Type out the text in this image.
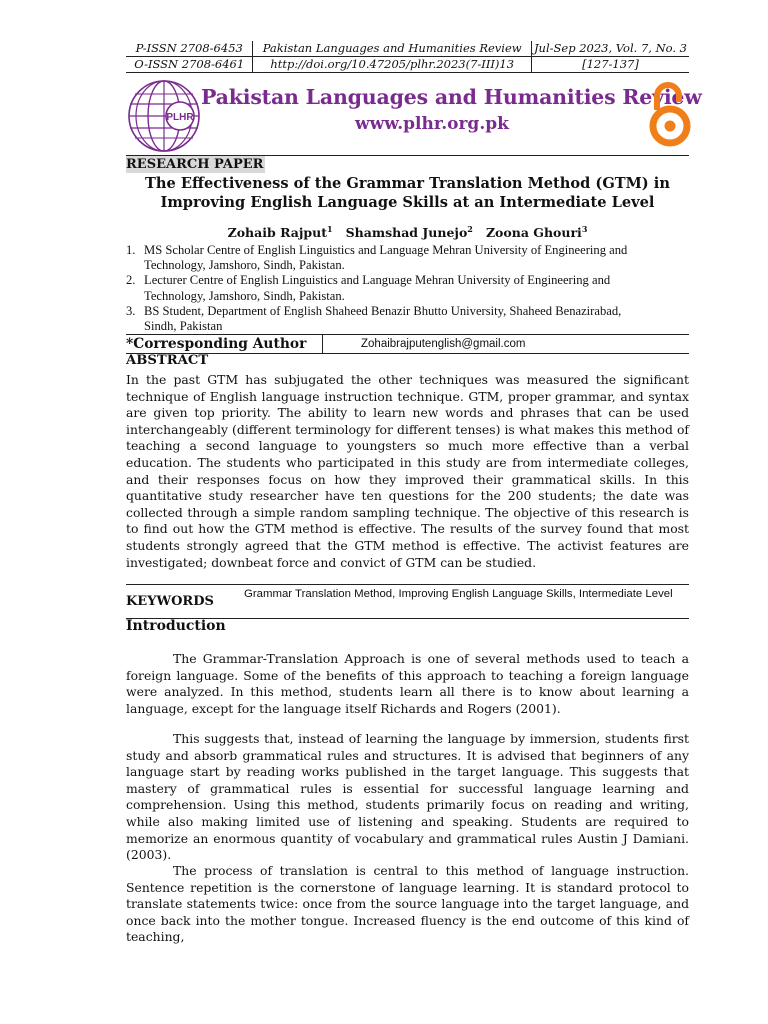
P-ISSN 2708-6453	Pakistan Languages and Humanities Review	Jul-Sep 2023, Vol. 7, No. 3
O-ISSN 2708-6461	http://doi.org/10.47205/plhr.2023(7-III)13	[127-137]
PLHR
Pakistan Languages and Humanities Review
www.plhr.org.pk
RESEARCH PAPER
The Effectiveness of the Grammar Translation Method (GTM) in
Improving English Language Skills at an Intermediate Level
Zohaib Rajput$^1$ Shamshad Junejo$^2$ Zoona Ghouri$^3$
1. MS Scholar Centre of English Linguistics and Language Mehran University of Engineering and
Technology, Jamshoro, Sindh, Pakistan.
2. Lecturer Centre of English Linguistics and Language Mehran University of Engineering and
Technology, Jamshoro, Sindh, Pakistan.
3. BS Student, Department of English Shaheed Benazir Bhutto University, Shaheed Benazirabad,
Sindh, Pakistan
*Corresponding Author	Zohaibrajputenglish@gmail.com
ABSTRACT

In the past GTM has subjugated the other techniques was measured the significant technique of English language instruction technique. GTM, proper grammar, and syntax are given top priority. The ability to learn new words and phrases that can be used interchangeably (different terminology for different tenses) is what makes this method of teaching a second language to youngsters so much more effective than a verbal education. The students who participated in this study are from intermediate colleges, and their responses focus on how they improved their grammatical skills. In this quantitative study researcher have ten questions for the 200 students; the date was collected through a simple random sampling technique. The objective of this research is to find out how the GTM method is effective. The results of the survey found that most students strongly agreed that the GTM method is effective. The activist features are investigated; downbeat force and convict of GTM can be studied.

KEYWORDS	Grammar Translation Method, Improving English Language Skills, Intermediate Level
Introduction

The Grammar-Translation Approach is one of several methods used to teach a foreign language. Some of the benefits of this approach to teaching a foreign language were analyzed. In this method, students learn all there is to know about learning a language, except for the language itself Richards and Rogers (2001).

This suggests that, instead of learning the language by immersion, students first study and absorb grammatical rules and structures. It is advised that beginners of any language start by reading works published in the target language. This suggests that mastery of grammatical rules is essential for successful language learning and comprehension. Using this method, students primarily focus on reading and writing, while also making limited use of listening and speaking. Students are required to memorize an enormous quantity of vocabulary and grammatical rules Austin J Damiani. (2003).

The process of translation is central to this method of language instruction. Sentence repetition is the cornerstone of language learning. It is standard protocol to translate statements twice: once from the source language into the target language, and once back into the mother tongue. Increased fluency is the end outcome of this kind of teaching,
